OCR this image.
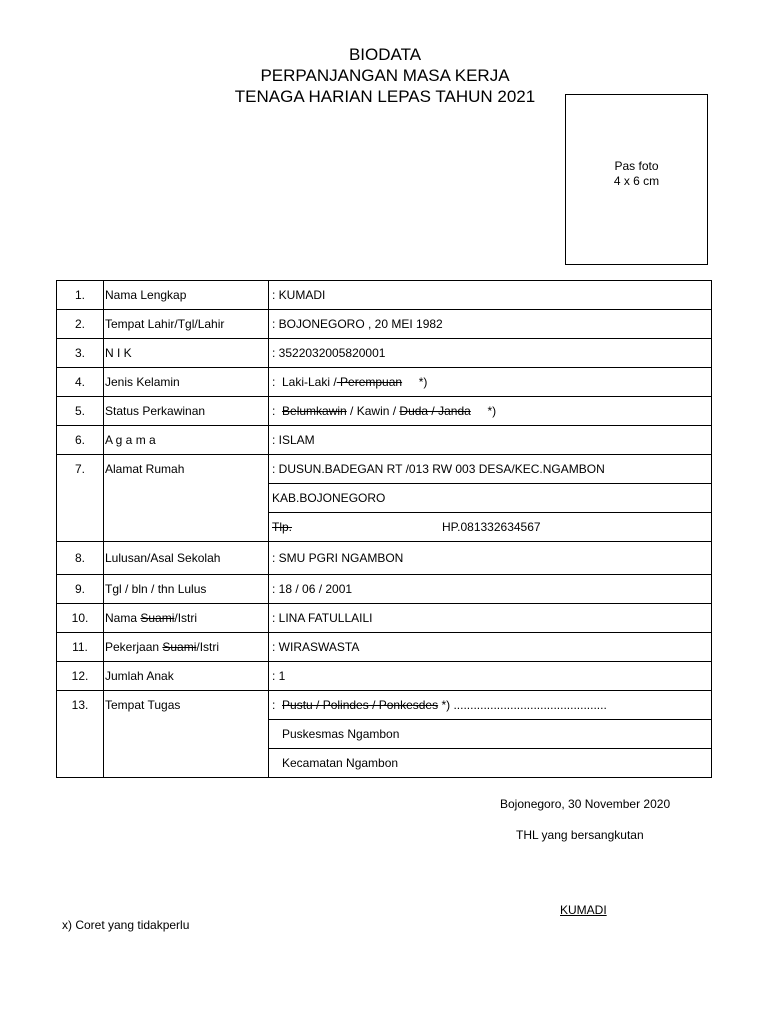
BIODATA
PERPANJANGAN MASA KERJA
TENAGA HARIAN LEPAS TAHUN 2021
Pas foto
4 x 6 cm
1.	Nama Lengkap	: KUMADI
2.	Tempat Lahir/Tgl/Lahir	: BOJONEGORO , 20 MEI 1982
3.	N I K	: 3522032005820001
4.	Jenis Kelamin	:  Laki-Laki / Perempuan     *)
5.	Status Perkawinan	:  Belumkawin / Kawin / Duda / Janda     *)
6.	A g a m a	: ISLAM
7.	Alamat Rumah	: DUSUN.BADEGAN RT /013 RW 003 DESA/KEC.NGAMBON
		KAB.BOJONEGORO
		Tlp. HP.081332634567
8.	Lulusan/Asal Sekolah	: SMU PGRI NGAMBON
9.	Tgl / bln / thn Lulus	: 18 / 06 / 2001
10.	Nama Suami/Istri	: LINA FATULLAILI
11.	Pekerjaan Suami/Istri	: WIRASWASTA
12.	Jumlah Anak	: 1
13.	Tempat Tugas	:  Pustu / Polindes / Ponkesdes *) ..............................................
		Puskesmas Ngambon
		Kecamatan Ngambon
Bojonegoro, 30 November 2020
THL yang bersangkutan
KUMADI
x) Coret yang tidakperlu
